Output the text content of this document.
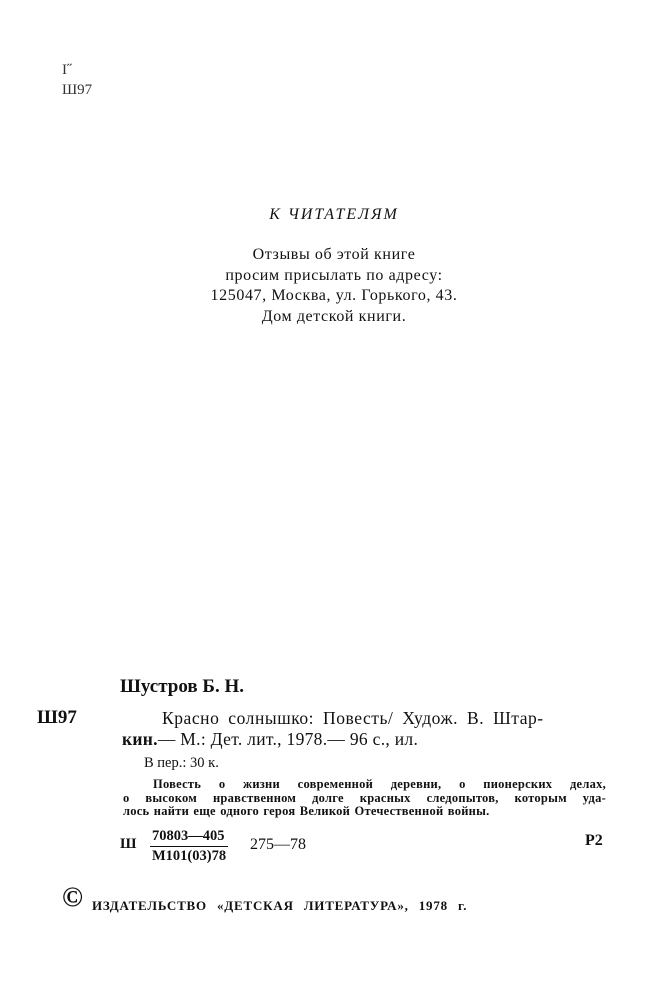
I˝
Ш97
К ЧИТАТЕЛЯМ
Отзывы об этой книге
просим присылать по адресу:
125047, Москва, ул. Горького, 43.
Дом детской книги.
Шустров Б. Н.
Ш97	Красно солнышко: Повесть/ Худож. В. Штар-
кин.— М.: Дет. лит., 1978.— 96 с., ил.
В пер.: 30 к.
Повесть о жизни современной деревни, о пионерских делах,
о высоком нравственном долге красных следопытов, которым уда-
лось найти еще одного героя Великой Отечественной войны.
Ш 70803—405
М101(03)78
275—78	Р2
© ИЗДАТЕЛЬСТВО «ДЕТСКАЯ ЛИТЕРАТУРА», 1978 г.
